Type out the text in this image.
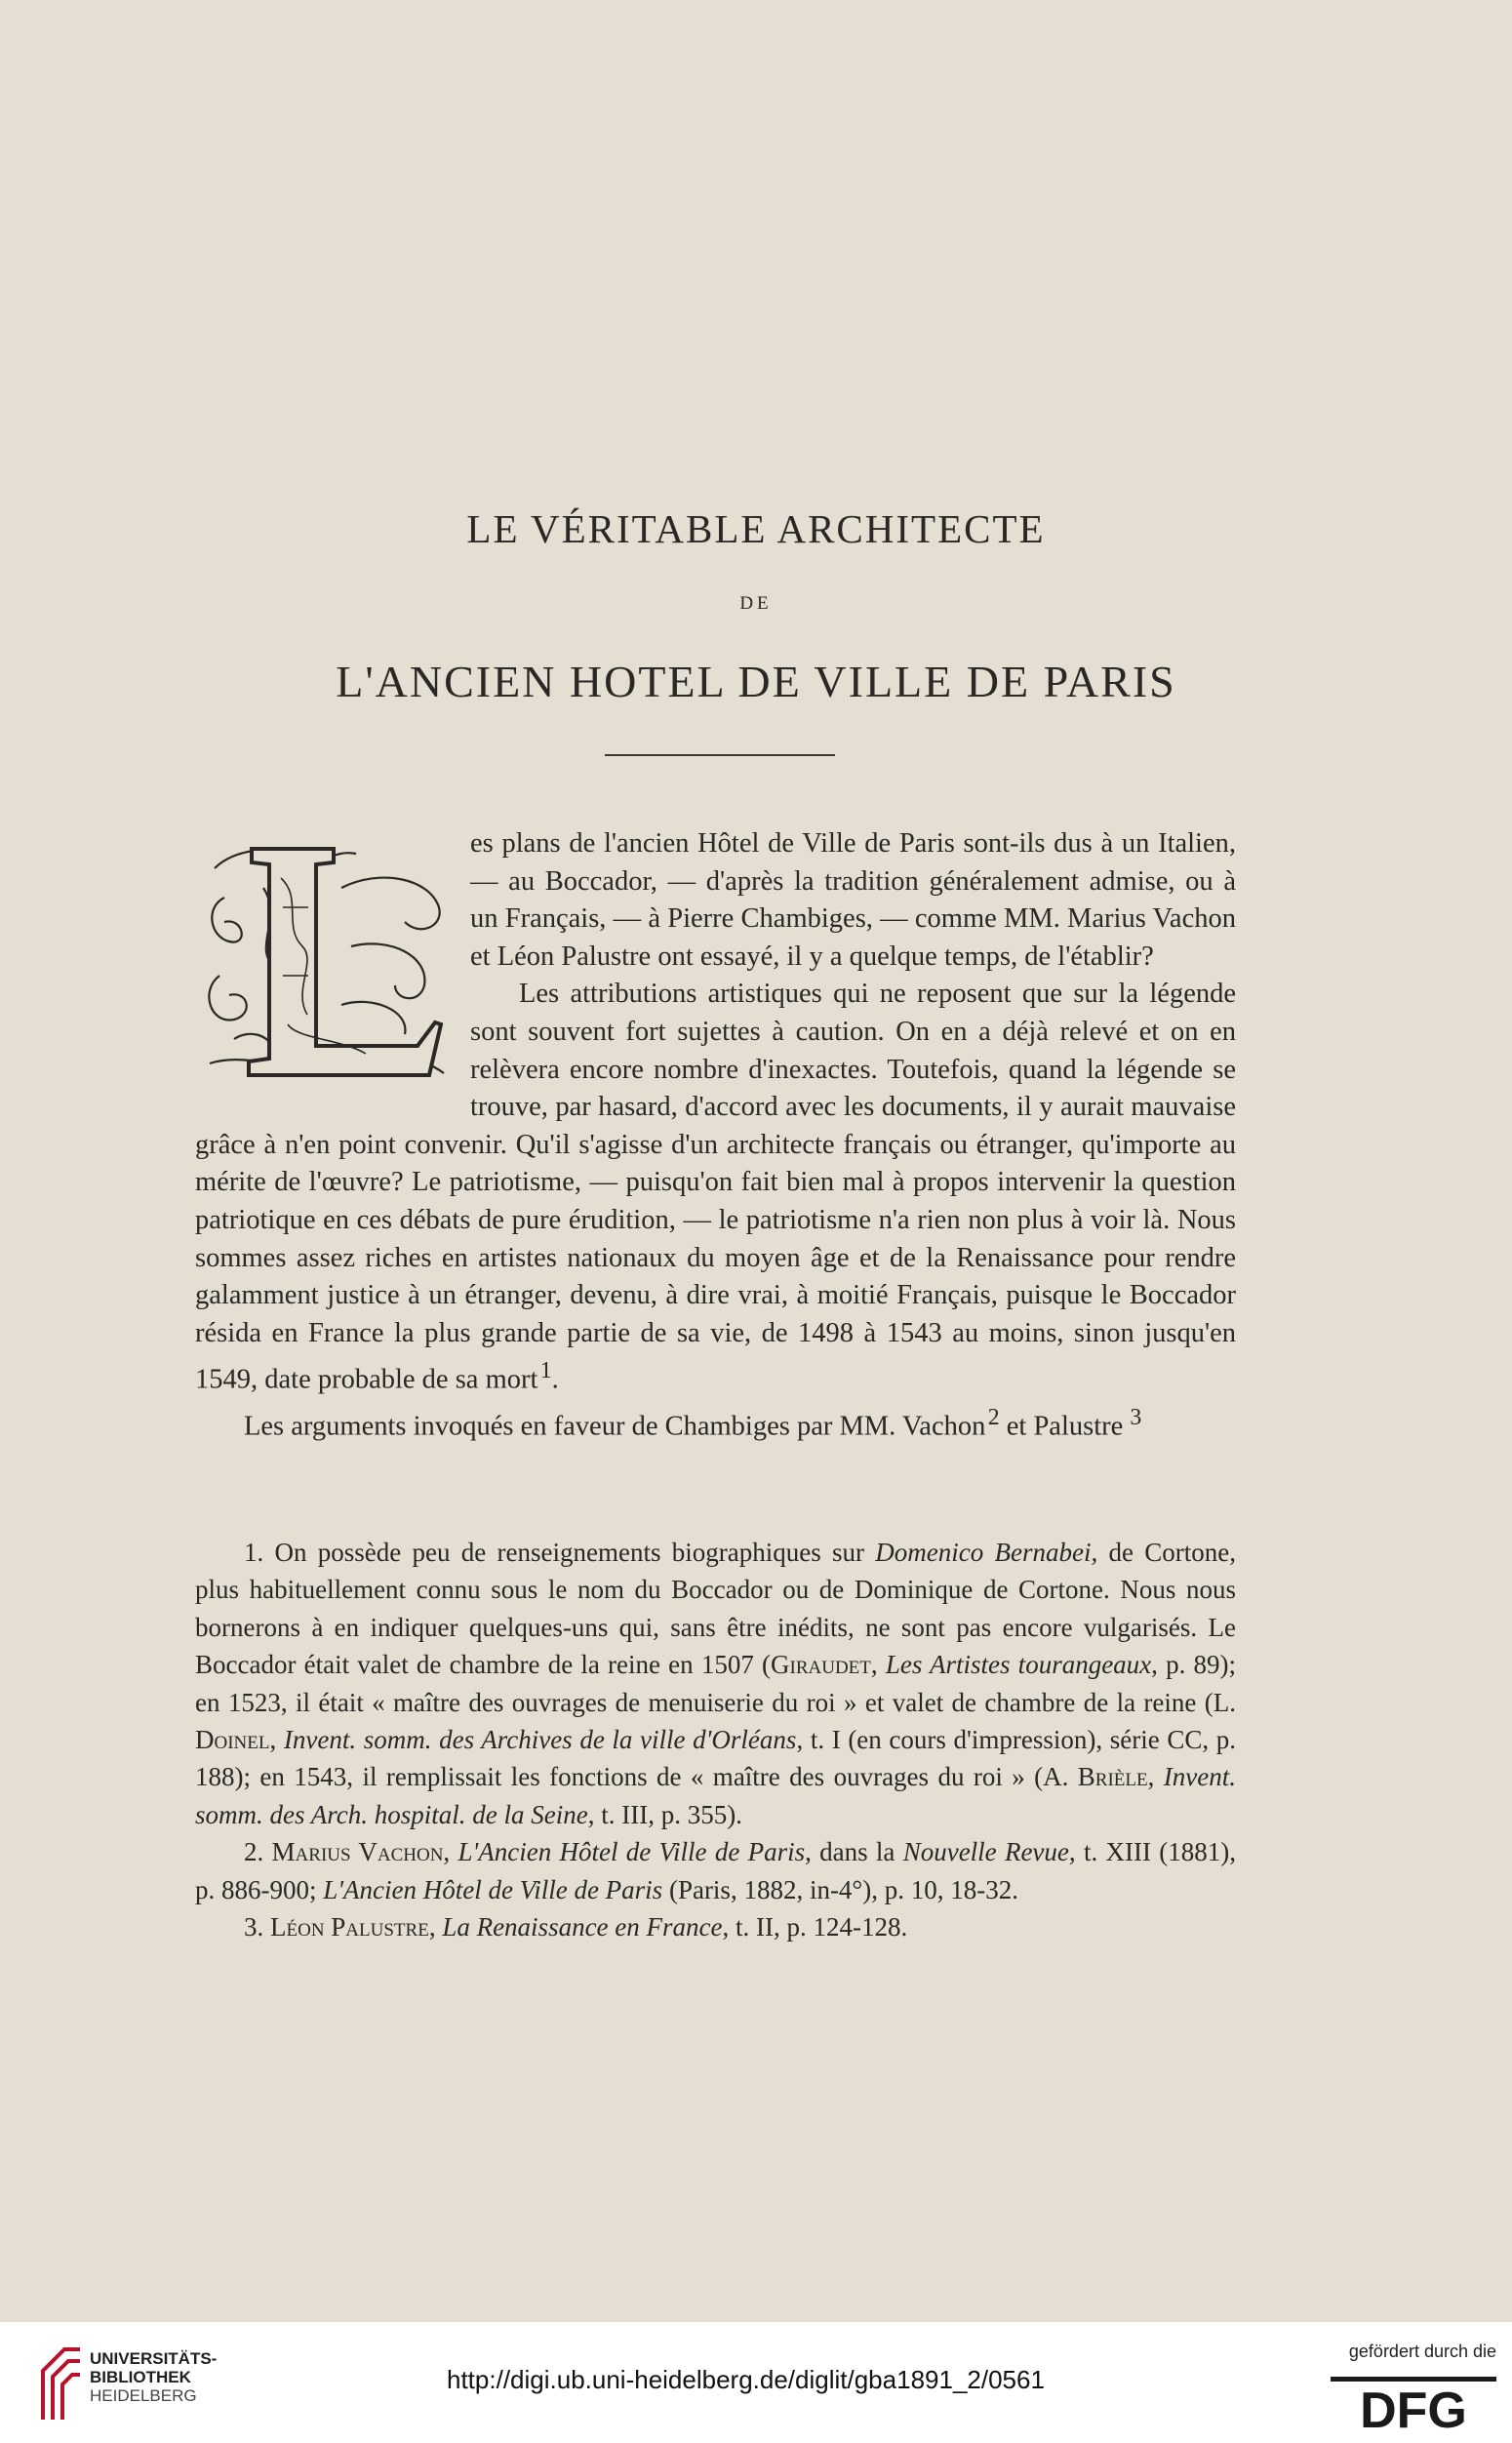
LE VÉRITABLE ARCHITECTE
DE
L'ANCIEN HOTEL DE VILLE DE PARIS

es plans de l'ancien Hôtel de Ville de Paris sont-ils dus à un Italien, — au Boccador, — d'après la tradition généralement admise, ou à un Français, — à Pierre Chambiges, — comme MM. Marius Vachon et Léon Palustre ont essayé, il y a quelque temps, de l'établir?

Les attributions artistiques qui ne reposent que sur la légende sont souvent fort sujettes à caution. On en a déjà relevé et on en relèvera encore nombre d'inexactes. Toutefois, quand la légende se trouve, par hasard, d'accord avec les documents, il y aurait mauvaise grâce à n'en point convenir. Qu'il s'agisse d'un architecte français ou étranger, qu'importe au mérite de l'œuvre? Le patriotisme, — puisqu'on fait bien mal à propos intervenir la question patriotique en ces débats de pure érudition, — le patriotisme n'a rien non plus à voir là. Nous sommes assez riches en artistes nationaux du moyen âge et de la Renaissance pour rendre galamment justice à un étranger, devenu, à dire vrai, à moitié Français, puisque le Boccador résida en France la plus grande partie de sa vie, de 1498 à 1543 au moins, sinon jusqu'en 1549, date probable de sa mort  $^1$.

Les arguments invoqués en faveur de Chambiges par MM. Vachon  $^2$ et Palustre $^3$

1. On possède peu de renseignements biographiques sur Domenico Bernabei, de Cortone, plus habituellement connu sous le nom du Boccador ou de Dominique de Cortone. Nous nous bornerons à en indiquer quelques-uns qui, sans être inédits, ne sont pas encore vulgarisés. Le Boccador était valet de chambre de la reine en 1507 (Giraudet, Les Artistes tourangeaux, p. 89); en 1523, il était « maître des ouvrages de menuiserie du roi » et valet de chambre de la reine (L. Doinel, Invent. somm. des Archives de la ville d'Orléans, t. I (en cours d'impression), série CC, p. 188); en 1543, il remplissait les fonctions de « maître des ouvrages du roi » (A. Brièle, Invent. somm. des Arch. hospital. de la Seine, t. III, p. 355).

2. Marius Vachon, L'Ancien Hôtel de Ville de Paris, dans la Nouvelle Revue, t. XIII (1881), p. 886-900; L'Ancien Hôtel de Ville de Paris (Paris, 1882, in-4°), p. 10, 18-32.

3. Léon Palustre, La Renaissance en France, t. II, p. 124-128.

UNIVERSITÄTS-
BIBLIOTHEK
HEIDELBERG
http://digi.ub.uni-heidelberg.de/diglit/gba1891_2/0561
gefördert durch die
DFG
